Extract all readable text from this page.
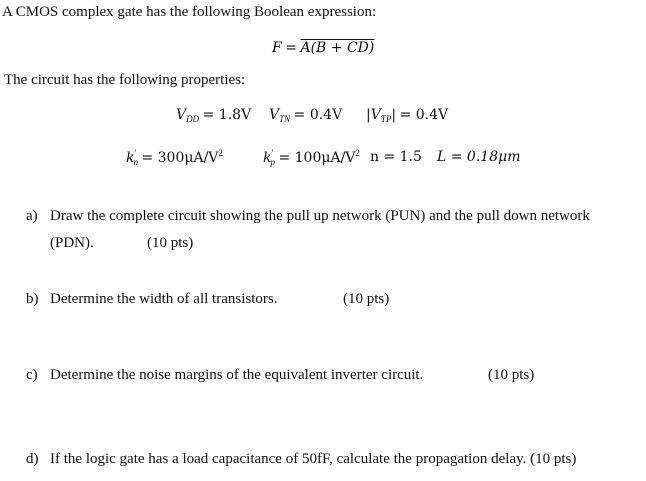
A CMOS complex gate has the following Boolean expression:
F = A(B + CD)
The circuit has the following properties:
$V_{DD} = 1.8V$ $V_{TN} = 0.4V$ $|V_{TP}| = 0.4V$
$k'_n = 300\mu A/V^2$	$k'_p = 100\mu A/V^2$ n = 1.5 L = 0.18μm
a) Draw the complete circuit showing the pull up network (PUN) and the pull down network
(PDN).	(10 pts)
b) Determine the width of all transistors.	(10 pts)
c) Determine the noise margins of the equivalent inverter circuit.	(10 pts)
d) If the logic gate has a load capacitance of 50fF, calculate the propagation delay. (10 pts)
